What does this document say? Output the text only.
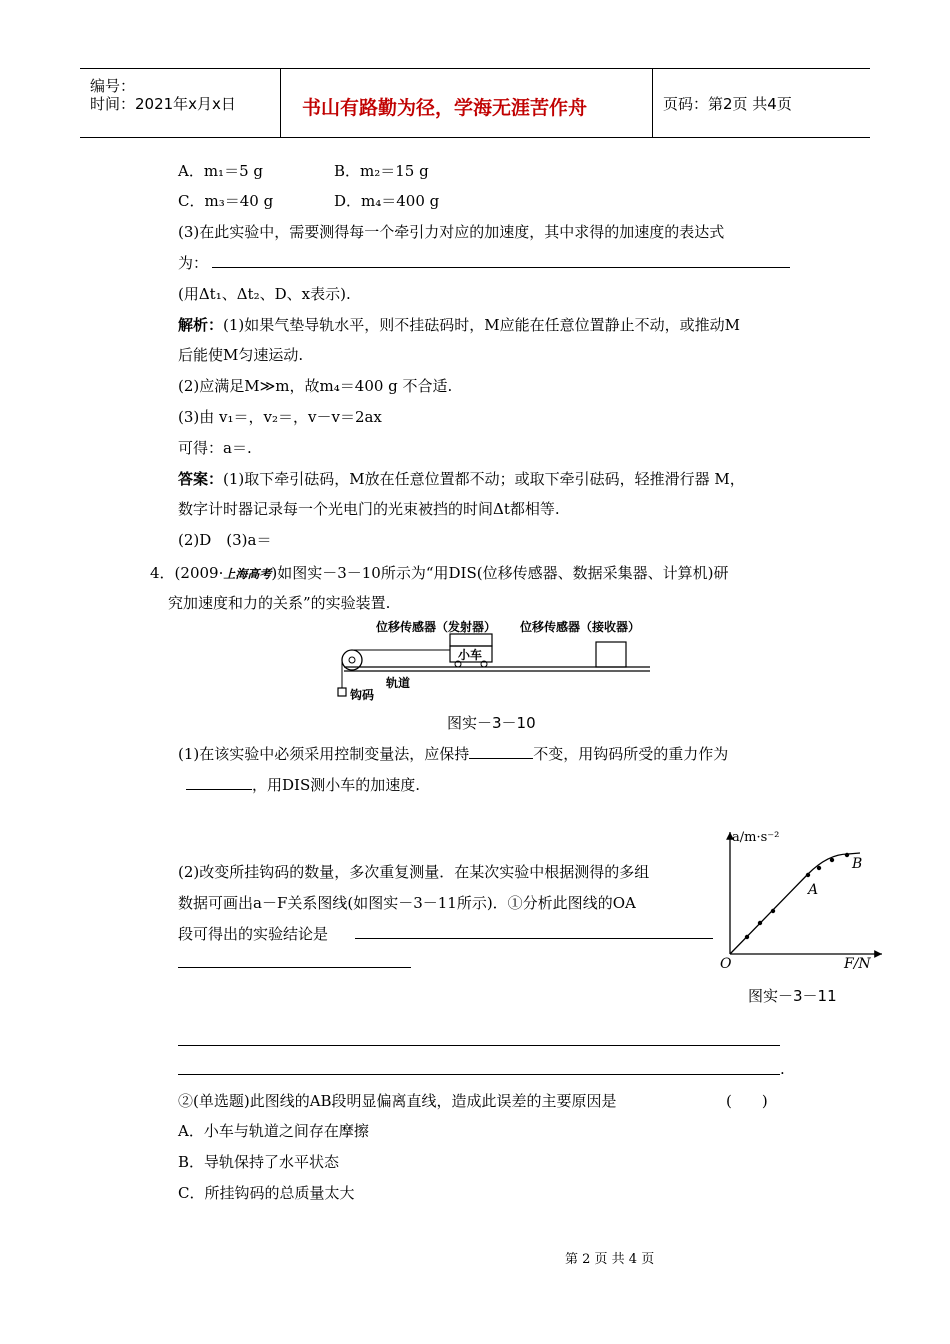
编号：
时间：2021年x月x日	书山有路勤为径，学海无涯苦作舟	页码：第2页 共4页
A．m₁＝5 g	B．m₂＝15 g
C．m₃＝40 g	D．m₄＝400 g
(3)在此实验中，需要测得每一个牵引力对应的加速度，其中求得的加速度的表达式
为：
(用Δt₁、Δt₂、D、x表示).
解析：(1)如果气垫导轨水平，则不挂砝码时，M应能在任意位置静止不动，或推动M
后能使M匀速运动.
(2)应满足M≫m，故m₄＝400 g 不合适.
(3)由 v₁＝，v₂＝，v－v＝2ax
可得：a＝.
答案：(1)取下牵引砝码，M放在任意位置都不动；或取下牵引砝码，轻推滑行器 M，
数字计时器记录每一个光电门的光束被挡的时间Δt都相等.
(2)D　(3)a＝
4．(2009·上海高考)如图实－3－10所示为“用DIS(位移传感器、数据采集器、计算机)研
究加速度和力的关系”的实验装置.
位移传感器（发射器） 位移传感器（接收器）
小车
轨道
钩码
图实－3－10
(1)在该实验中必须采用控制变量法，应保持	不变，用钩码所受的重力作为
，用DIS测小车的加速度.
(2)改变所挂钩码的数量，多次重复测量．在某次实验中根据测得的多组
数据可画出a－F关系图线(如图实－3－11所示)．①分析此图线的OA
段可得出的实验结论是
.
a/m·s⁻²
F/N
O
A
B
图实－3－11
②(单选题)此图线的AB段明显偏离直线，造成此误差的主要原因是	(　　)
A．小车与轨道之间存在摩擦
B．导轨保持了水平状态
C．所挂钩码的总质量太大
第 2 页 共 4 页
